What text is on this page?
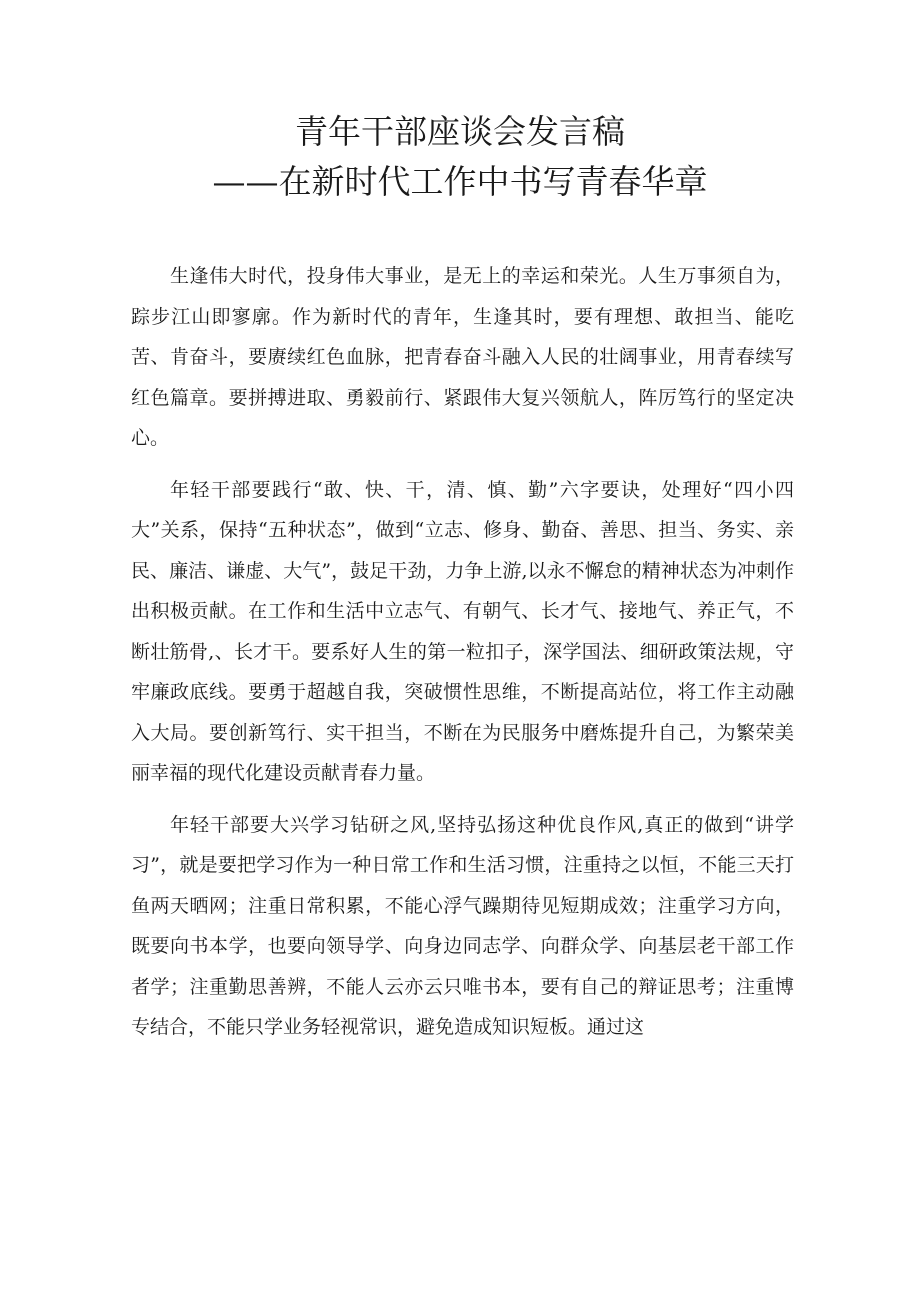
青年干部座谈会发言稿
——在新时代工作中书写青春华章

生逢伟大时代，投身伟大事业，是无上的幸运和荣光。人生万事须自为，踪步江山即寥廓。作为新时代的青年，生逢其时，要有理想、敢担当、能吃苦、肯奋斗，要赓续红色血脉，把青春奋斗融入人民的壮阔事业，用青春续写红色篇章。要拼搏进取、勇毅前行、紧跟伟大复兴领航人，阵厉笃行的坚定决心。

年轻干部要践行“敢、快、干，清、慎、勤”六字要诀，处理好“四小四大”关系，保持“五种状态”，做到“立志、修身、勤奋、善思、担当、务实、亲民、廉洁、谦虚、大气”，鼓足干劲，力争上游,以永不懈怠的精神状态为冲刺作出积极贡献。在工作和生活中立志气、有朝气、长才气、接地气、养正气，不断壮筋骨,、长才干。要系好人生的第一粒扣子，深学国法、细研政策法规，守牢廉政底线。要勇于超越自我，突破惯性思维，不断提高站位，将工作主动融入大局。要创新笃行、实干担当，不断在为民服务中磨炼提升自己，为繁荣美丽幸福的现代化建设贡献青春力量。

年轻干部要大兴学习钻研之风,坚持弘扬这种优良作风,真正的做到“讲学习”，就是要把学习作为一种日常工作和生活习惯，注重持之以恒，不能三天打鱼两天晒网；注重日常积累，不能心浮气躁期待见短期成效；注重学习方向，既要向书本学，也要向领导学、向身边同志学、向群众学、向基层老干部工作者学；注重勤思善辨，不能人云亦云只唯书本，要有自己的辩证思考；注重博专结合，不能只学业务轻视常识，避免造成知识短板。通过这
